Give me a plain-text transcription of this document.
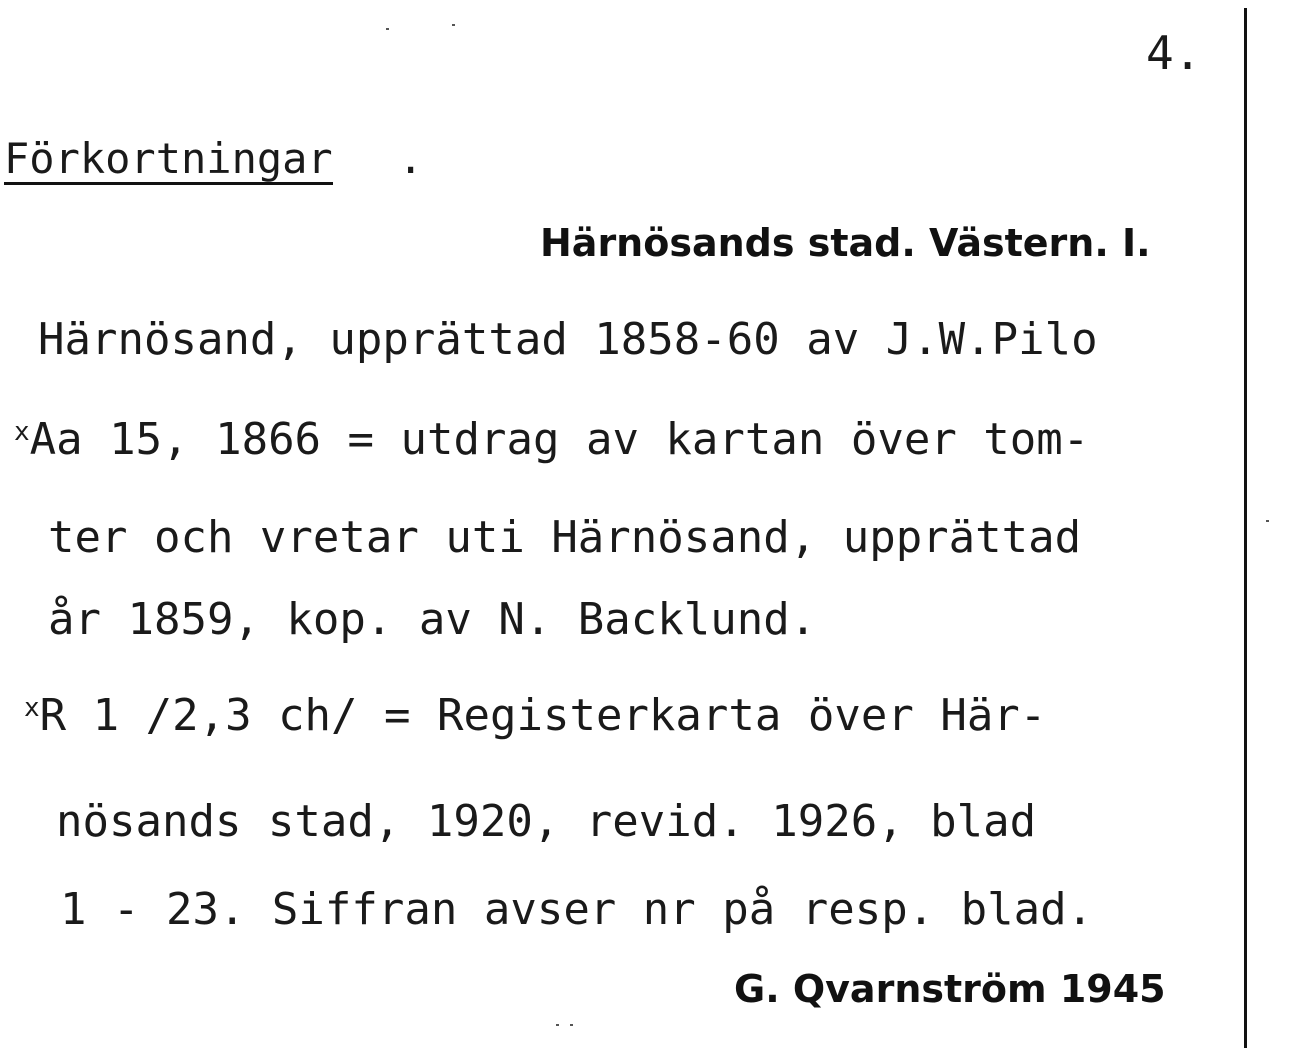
4.
Förkortningar .
Härnösands stad. Västern. I.
Härnösand, upprättad 1858-60 av J.W.Pilo
$^x$Aa 15, 1866 = utdrag av kartan över tom-
ter och vretar uti Härnösand, upprättad
år 1859, kop. av N. Backlund.
$^x$R 1 /2,3 ch/ = Registerkarta över Här-
nösands stad, 1920, revid. 1926, blad
1 - 23. Siffran avser nr på resp. blad.
G. Qvarnström 1945
